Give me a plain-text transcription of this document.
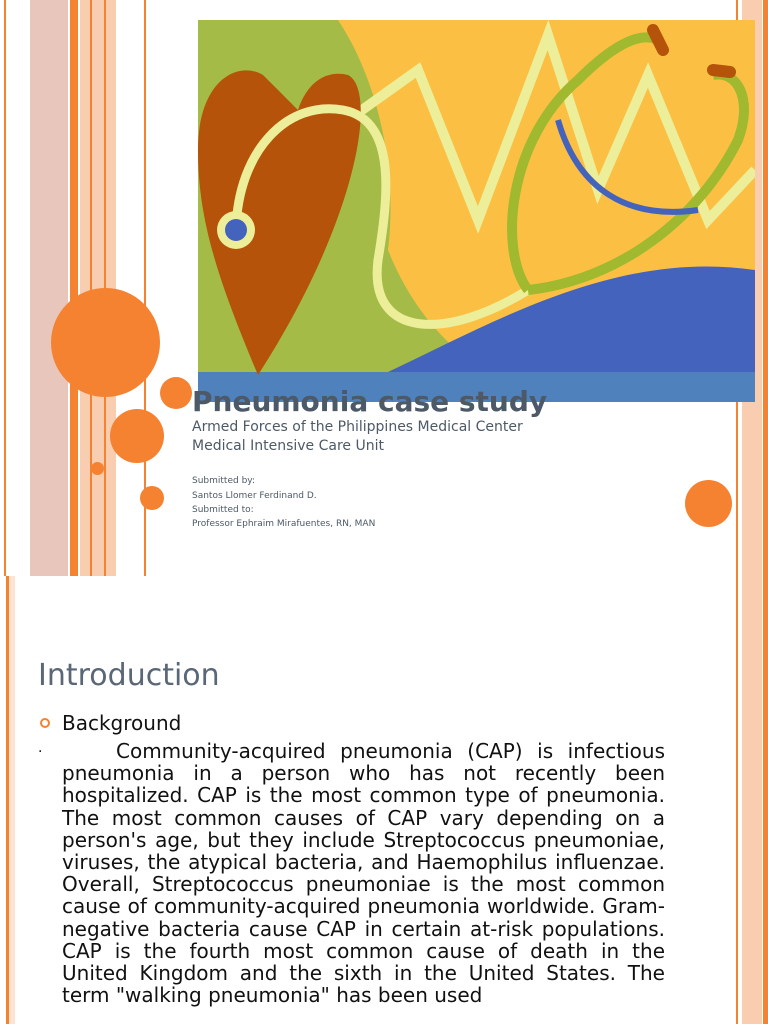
Pneumonia case study
Armed Forces of the Philippines Medical Center
Medical Intensive Care Unit
Submitted by:
Santos Llomer Ferdinand D.
Submitted to:
Professor Ephraim Mirafuentes, RN, MAN
Introduction
Background
·	Community-acquired pneumonia (CAP) is infectious pneumonia in a person who has not recently been hospitalized. CAP is the most common type of pneumonia. The most common causes of CAP vary depending on a person's age, but they include Streptococcus pneumoniae, viruses, the atypical bacteria, and Haemophilus influenzae. Overall, Streptococcus pneumoniae is the most common cause of community-acquired pneumonia worldwide. Gram-negative bacteria cause CAP in certain at-risk populations. CAP is the fourth most common cause of death in the United Kingdom and the sixth in the United States. The term "walking pneumonia" has been used
